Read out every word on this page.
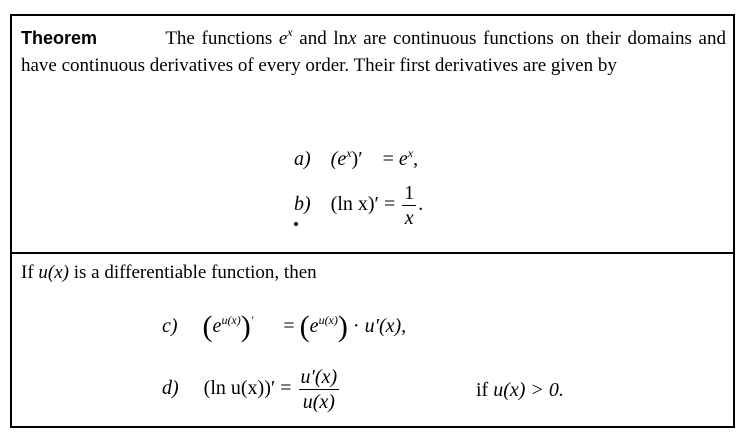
Theorem	The functions $e^x$ and lnx are continuous functions on their domains and have continuous derivatives of every order. Their first derivatives are given by
a) $(e^x)' = e^x$,
b) (ln $x)' = \frac{1}{x}$ .
If u(x) is a differentiable function, then
c) $(e^{u(x)})' = (e^{u(x)}) \cdot u'(x)$,
d) (ln $u(x))' = \frac{u'(x)}{u(x)}$	if u(x) > 0.
